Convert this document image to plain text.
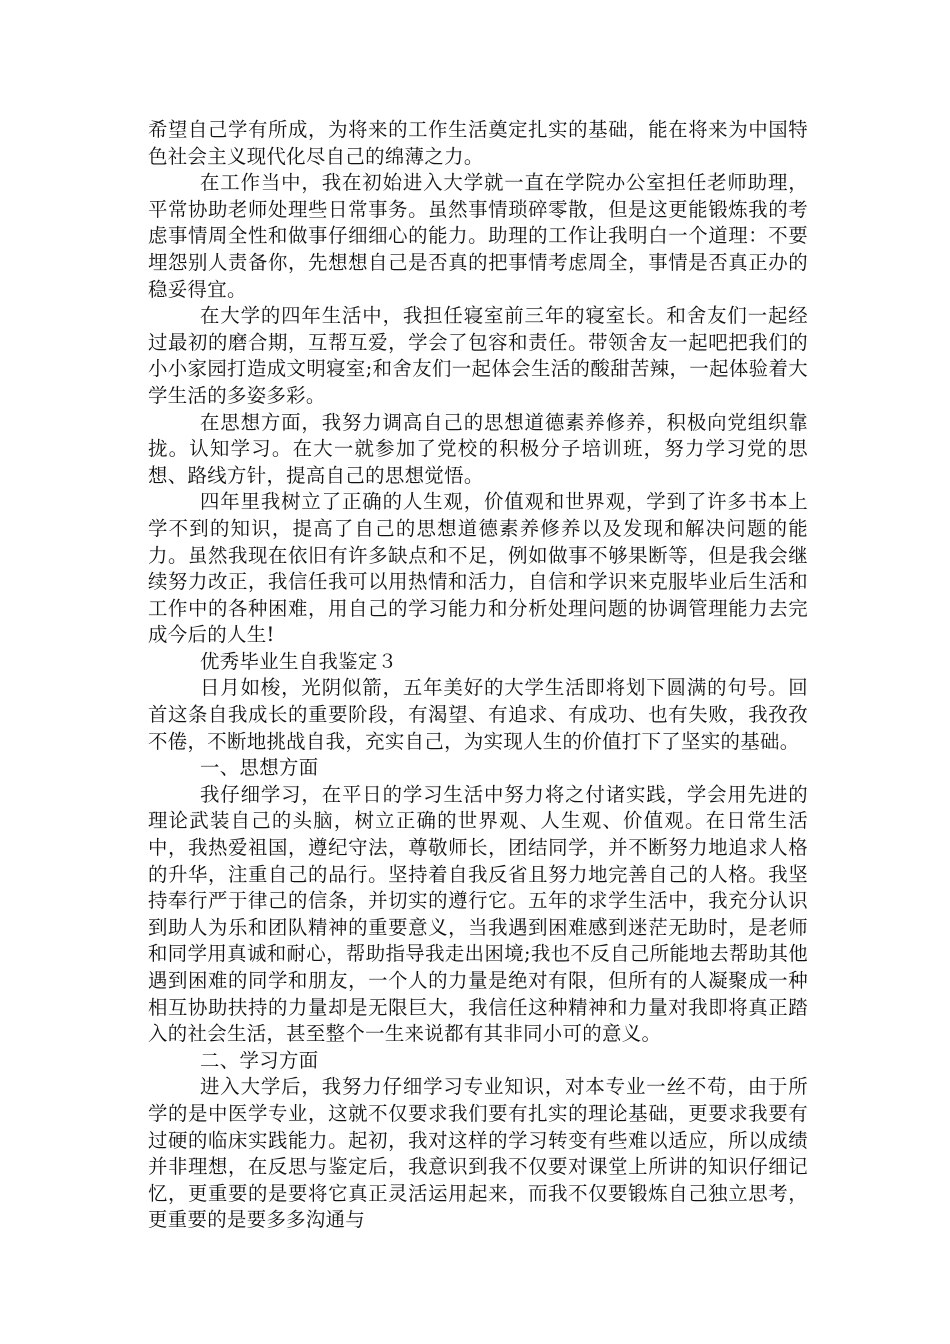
希望自己学有所成，为将来的工作生活奠定扎实的基础，能在将来为中国特色社会主义现代化尽自己的绵薄之力。

在工作当中，我在初始进入大学就一直在学院办公室担任老师助理，平常协助老师处理些日常事务。虽然事情琐碎零散，但是这更能锻炼我的考虑事情周全性和做事仔细细心的能力。助理的工作让我明白一个道理：不要埋怨别人责备你，先想想自己是否真的把事情考虑周全，事情是否真正办的稳妥得宜。

在大学的四年生活中，我担任寝室前三年的寝室长。和舍友们一起经过最初的磨合期，互帮互爱，学会了包容和责任。带领舍友一起吧把我们的小小家园打造成文明寝室;和舍友们一起体会生活的酸甜苦辣，一起体验着大学生活的多姿多彩。

在思想方面，我努力调高自己的思想道德素养修养，积极向党组织靠拢。认知学习。在大一就参加了党校的积极分子培训班，努力学习党的思想、路线方针，提高自己的思想觉悟。

四年里我树立了正确的人生观，价值观和世界观，学到了许多书本上学不到的知识，提高了自己的思想道德素养修养以及发现和解决问题的能力。虽然我现在依旧有许多缺点和不足，例如做事不够果断等，但是我会继续努力改正，我信任我可以用热情和活力，自信和学识来克服毕业后生活和工作中的各种困难，用自己的学习能力和分析处理问题的协调管理能力去完成今后的人生!

优秀毕业生自我鉴定３

日月如梭，光阴似箭，五年美好的大学生活即将划下圆满的句号。回首这条自我成长的重要阶段，有渴望、有追求、有成功、也有失败，我孜孜不倦，不断地挑战自我，充实自己，为实现人生的价值打下了坚实的基础。

一、思想方面

我仔细学习，在平日的学习生活中努力将之付诸实践，学会用先进的理论武装自己的头脑，树立正确的世界观、人生观、价值观。在日常生活中，我热爱祖国，遵纪守法，尊敬师长，团结同学，并不断努力地追求人格的升华，注重自己的品行。坚持着自我反省且努力地完善自己的人格。我坚持奉行严于律己的信条，并切实的遵行它。五年的求学生活中，我充分认识到助人为乐和团队精神的重要意义，当我遇到困难感到迷茫无助时，是老师和同学用真诚和耐心，帮助指导我走出困境;我也不反自己所能地去帮助其他遇到困难的同学和朋友，一个人的力量是绝对有限，但所有的人凝聚成一种相互协助扶持的力量却是无限巨大，我信任这种精神和力量对我即将真正踏入的社会生活，甚至整个一生来说都有其非同小可的意义。

二、学习方面

进入大学后，我努力仔细学习专业知识，对本专业一丝不苟，由于所学的是中医学专业，这就不仅要求我们要有扎实的理论基础，更要求我要有过硬的临床实践能力。起初，我对这样的学习转变有些难以适应，所以成绩并非理想，在反思与鉴定后，我意识到我不仅要对课堂上所讲的知识仔细记忆，更重要的是要将它真正灵活运用起来，而我不仅要锻炼自己独立思考，更重要的是要多多沟通与
